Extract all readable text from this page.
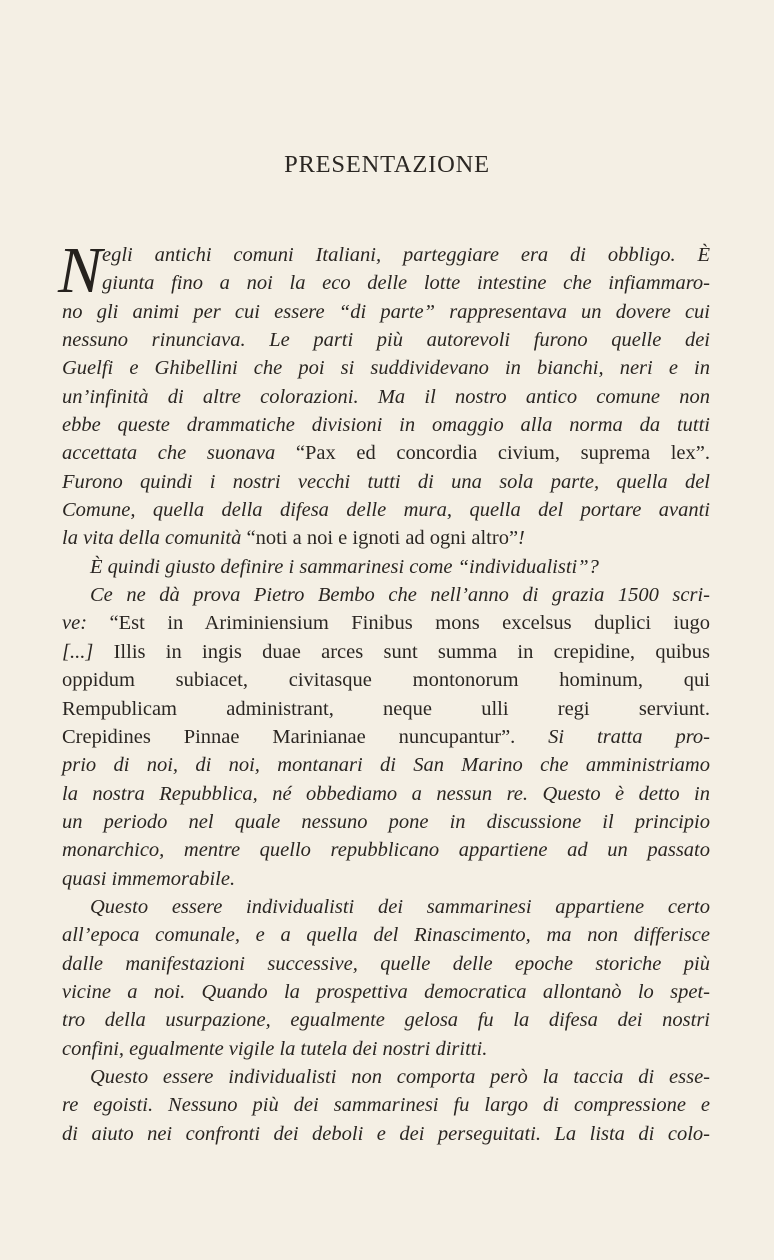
PRESENTAZIONE
N egli antichi comuni Italiani, parteggiare era di obbligo. È
giunta fino a noi la eco delle lotte intestine che infiammaro-
no gli animi per cui essere “di parte” rappresentava un dovere cui
nessuno rinunciava. Le parti più autorevoli furono quelle dei
Guelfi e Ghibellini che poi si suddividevano in bianchi, neri e in
un’infinità di altre colorazioni. Ma il nostro antico comune non
ebbe queste drammatiche divisioni in omaggio alla norma da tutti
accettata che suonava “Pax ed concordia civium, suprema lex”.
Furono quindi i nostri vecchi tutti di una sola parte, quella del
Comune, quella della difesa delle mura, quella del portare avanti
la vita della comunità “noti a noi e ignoti ad ogni altro”!
È quindi giusto definire i sammarinesi come “individualisti”?
Ce ne dà prova Pietro Bembo che nell’anno di grazia 1500 scri-
ve: “Est in Ariminiensium Finibus mons excelsus duplici iugo
[...] Illis in ingis duae arces sunt summa in crepidine, quibus
oppidum subiacet, civitasque montonorum hominum, qui
Rempublicam administrant, neque ulli regi serviunt.
Crepidines Pinnae Marinianae nuncupantur”. Si tratta pro-
prio di noi, di noi, montanari di San Marino che amministriamo
la nostra Repubblica, né obbediamo a nessun re. Questo è detto in
un periodo nel quale nessuno pone in discussione il principio
monarchico, mentre quello repubblicano appartiene ad un passato
quasi immemorabile.
Questo essere individualisti dei sammarinesi appartiene certo
all’epoca comunale, e a quella del Rinascimento, ma non differisce
dalle manifestazioni successive, quelle delle epoche storiche più
vicine a noi. Quando la prospettiva democratica allontanò lo spet-
tro della usurpazione, egualmente gelosa fu la difesa dei nostri
confini, egualmente vigile la tutela dei nostri diritti.
Questo essere individualisti non comporta però la taccia di esse-
re egoisti. Nessuno più dei sammarinesi fu largo di compressione e
di aiuto nei confronti dei deboli e dei perseguitati. La lista di colo-
